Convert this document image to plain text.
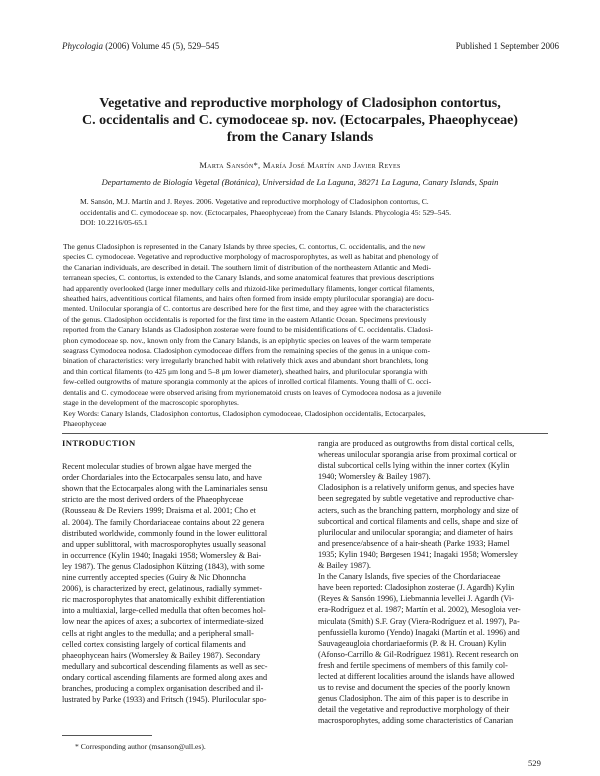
Phycologia (2006) Volume 45 (5), 529–545	Published 1 September 2006
Vegetative and reproductive morphology of Cladosiphon contortus,
C. occidentalis and C. cymodoceae sp. nov. (Ectocarpales, Phaeophyceae)
from the Canary Islands
Marta Sansón*, María José Martín and Javier Reyes
Departamento de Biología Vegetal (Botánica), Universidad de La Laguna, 38271 La Laguna, Canary Islands, Spain
M. Sansón, M.J. Martín and J. Reyes. 2006. Vegetative and reproductive morphology of Cladosiphon contortus, C.
occidentalis and C. cymodoceae sp. nov. (Ectocarpales, Phaeophyceae) from the Canary Islands. Phycologia 45: 529–545.
DOI: 10.2216/05-65.1
The genus Cladosiphon is represented in the Canary Islands by three species, C. contortus, C. occidentalis, and the new
species C. cymodoceae. Vegetative and reproductive morphology of macrosporophytes, as well as habitat and phenology of
the Canarian individuals, are described in detail. The southern limit of distribution of the northeastern Atlantic and Medi-
terranean species, C. contortus, is extended to the Canary Islands, and some anatomical features that previous descriptions
had apparently overlooked (large inner medullary cells and rhizoid-like perimedullary filaments, longer cortical filaments,
sheathed hairs, adventitious cortical filaments, and hairs often formed from inside empty plurilocular sporangia) are docu-
mented. Unilocular sporangia of C. contortus are described here for the first time, and they agree with the characteristics
of the genus. Cladosiphon occidentalis is reported for the first time in the eastern Atlantic Ocean. Specimens previously
reported from the Canary Islands as Cladosiphon zosterae were found to be misidentifications of C. occidentalis. Cladosi-
phon cymodoceae sp. nov., known only from the Canary Islands, is an epiphytic species on leaves of the warm temperate
seagrass Cymodocea nodosa. Cladosiphon cymodoceae differs from the remaining species of the genus in a unique com-
bination of characteristics: very irregularly branched habit with relatively thick axes and abundant short branchlets, long
and thin cortical filaments (to 425 μm long and 5–8 μm lower diameter), sheathed hairs, and plurilocular sporangia with
few-celled outgrowths of mature sporangia commonly at the apices of inrolled cortical filaments. Young thalli of C. occi-
dentalis and C. cymodoceae were observed arising from myrionematoid crusts on leaves of Cymodocea nodosa as a juvenile
stage in the development of the macroscopic sporophytes.
Key Words: Canary Islands, Cladosiphon contortus, Cladosiphon cymodoceae, Cladosiphon occidentalis, Ectocarpales,
Phaeophyceae
INTRODUCTION
Recent molecular studies of brown algae have merged the
order Chordariales into the Ectocarpales sensu lato, and have
shown that the Ectocarpales along with the Laminariales sensu
stricto are the most derived orders of the Phaeophyceae
(Rousseau & De Reviers 1999; Draisma et al. 2001; Cho et
al. 2004). The family Chordariaceae contains about 22 genera
distributed worldwide, commonly found in the lower eulittoral
and upper sublittoral, with macrosporophytes usually seasonal
in occurrence (Kylin 1940; Inagaki 1958; Womersley & Bai-
ley 1987). The genus Cladosiphon Kützing (1843), with some
nine currently accepted species (Guiry & Nic Dhonncha
2006), is characterized by erect, gelatinous, radially symmet-
ric macrosporophytes that anatomically exhibit differentiation
into a multiaxial, large-celled medulla that often becomes hol-
low near the apices of axes; a subcortex of intermediate-sized
cells at right angles to the medulla; and a peripheral small-
celled cortex consisting largely of cortical filaments and
phaeophycean hairs (Womersley & Bailey 1987). Secondary
medullary and subcortical descending filaments as well as sec-
ondary cortical ascending filaments are formed along axes and
branches, producing a complex organisation described and il-
lustrated by Parke (1933) and Fritsch (1945). Plurilocular spo-
rangia are produced as outgrowths from distal cortical cells,
whereas unilocular sporangia arise from proximal cortical or
distal subcortical cells lying within the inner cortex (Kylin
1940; Womersley & Bailey 1987).
Cladosiphon is a relatively uniform genus, and species have
been segregated by subtle vegetative and reproductive char-
acters, such as the branching pattern, morphology and size of
subcortical and cortical filaments and cells, shape and size of
plurilocular and unilocular sporangia; and diameter of hairs
and presence/absence of a hair-sheath (Parke 1933; Hamel
1935; Kylin 1940; Børgesen 1941; Inagaki 1958; Womersley
& Bailey 1987).
In the Canary Islands, five species of the Chordariaceae
have been reported: Cladosiphon zosterae (J. Agardh) Kylin
(Reyes & Sansón 1996), Liebmannia levellei J. Agardh (Vi-
era-Rodríguez et al. 1987; Martín et al. 2002), Mesogloia ver-
miculata (Smith) S.F. Gray (Viera-Rodríguez et al. 1997), Pa-
penfussiella kuromo (Yendo) Inagaki (Martín et al. 1996) and
Sauvageaugloia chordariaeformis (P. & H. Crouan) Kylin
(Afonso-Carrillo & Gil-Rodríguez 1981). Recent research on
fresh and fertile specimens of members of this family col-
lected at different localities around the islands have allowed
us to revise and document the species of the poorly known
genus Cladosiphon. The aim of this paper is to describe in
detail the vegetative and reproductive morphology of their
macrosporophytes, adding some characteristics of Canarian
* Corresponding author (msanson@ull.es).
529
